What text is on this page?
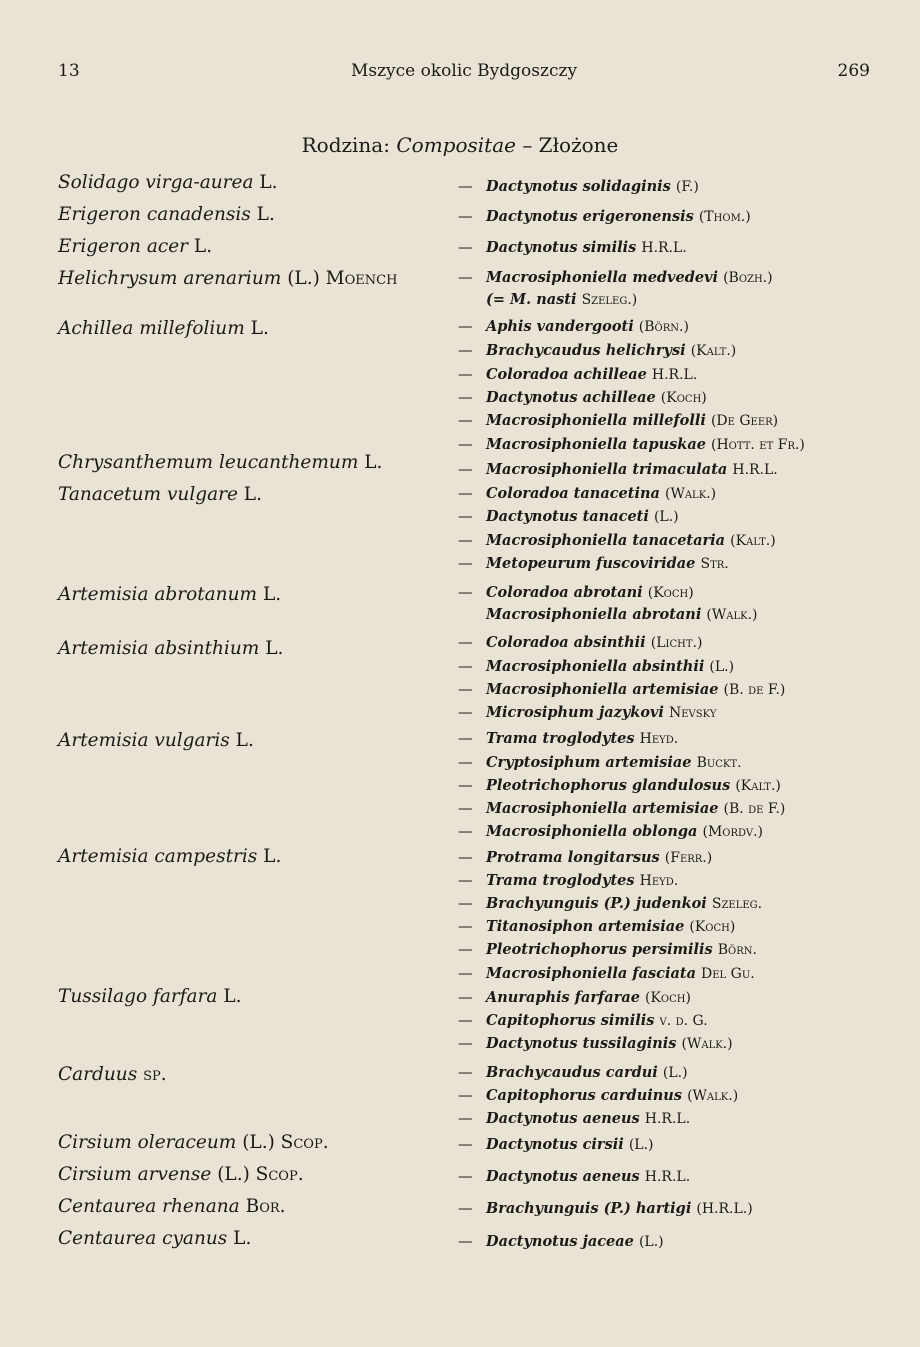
13	Mszyce okolic Bydgoszczy	269
Rodzina: Compositae – Złożone
Solidago virga-aurea L.
Erigeron canadensis L.
Erigeron acer L.
Helichrysum arenarium (L.) Moench
Achillea millefolium L.
Chrysanthemum leucanthemum L.
Tanacetum vulgare L.
Artemisia abrotanum L.
Artemisia absinthium L.
Artemisia vulgaris L.
Artemisia campestris L.
Tussilago farfara L.
Carduus sp.
Cirsium oleraceum (L.) Scop.
Cirsium arvense (L.) Scop.
Centaurea rhenana Bor.
Centaurea cyanus L.
— Dactynotus solidaginis (F.)
— Dactynotus erigeronensis (Thom.)
— Dactynotus similis H.R.L.
— Macrosiphoniella medvedevi (Bozh.)
(= M. nasti Szeleg.)
— Aphis vandergooti (Börn.)
— Brachycaudus helichrysi (Kalt.)
— Coloradoa achilleae H.R.L.
— Dactynotus achilleae (Koch)
— Macrosiphoniella millefolli (De Geer)
— Macrosiphoniella tapuskae (Hott. et Fr.)
— Macrosiphoniella trimaculata H.R.L.
— Coloradoa tanacetina (Walk.)
— Dactynotus tanaceti (L.)
— Macrosiphoniella tanacetaria (Kalt.)
— Metopeurum fuscoviridae Str.
— Coloradoa abrotani (Koch)
Macrosiphoniella abrotani (Walk.)
— Coloradoa absinthii (Licht.)
— Macrosiphoniella absinthii (L.)
— Macrosiphoniella artemisiae (B. de F.)
— Microsiphum jazykovi Nevsky
— Trama troglodytes Heyd.
— Cryptosiphum artemisiae Buckt.
— Pleotrichophorus glandulosus (Kalt.)
— Macrosiphoniella artemisiae (B. de F.)
— Macrosiphoniella oblonga (Mordv.)
— Protrama longitarsus (Ferr.)
— Trama troglodytes Heyd.
— Brachyunguis (P.) judenkoi Szeleg.
— Titanosiphon artemisiae (Koch)
— Pleotrichophorus persimilis Börn.
— Macrosiphoniella fasciata Del Gu.
— Anuraphis farfarae (Koch)
— Capitophorus similis v. d. G.
— Dactynotus tussilaginis (Walk.)
— Brachycaudus cardui (L.)
— Capitophorus carduinus (Walk.)
— Dactynotus aeneus H.R.L.
— Dactynotus cirsii (L.)
— Dactynotus aeneus H.R.L.
— Brachyunguis (P.) hartigi (H.R.L.)
— Dactynotus jaceae (L.)
